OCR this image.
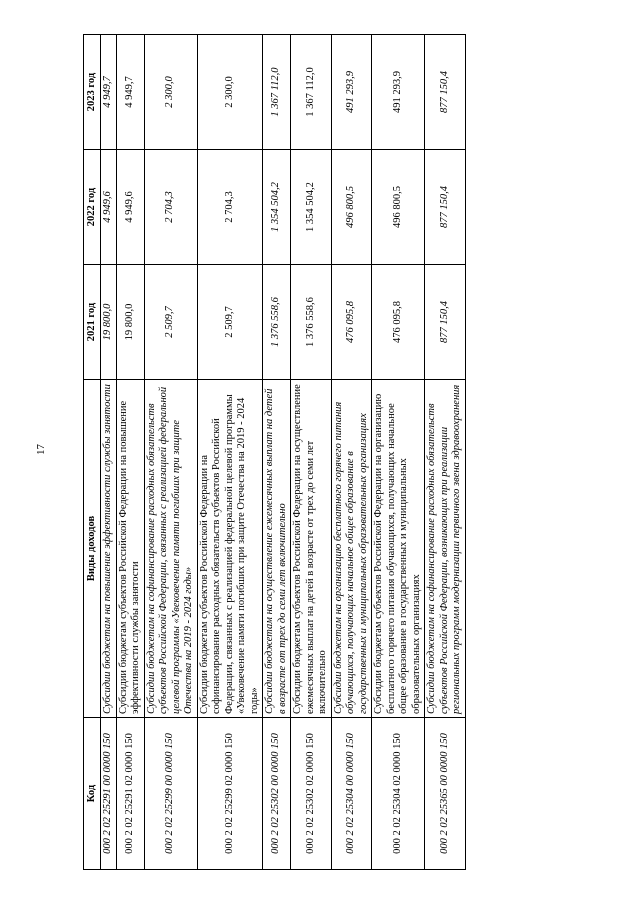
17
Код	Виды доходов	2021 год	2022 год	2023 год
000 2 02 25291 00 0000 150	Субсидии бюджетам на повышение эффективности службы занятости	19 800,0	4 949,6	4 949,7
000 2 02 25291 02 0000 150	Субсидии бюджетам субъектов Российской Федерации на повышение эффективности службы занятости	19 800,0	4 949,6	4 949,7
000 2 02 25299 00 0000 150	Субсидии бюджетам на софинансирование расходных обязательств субъектов Российской Федерации, связанных с реализацией федеральной целевой программы «Увековечение памяти погибших при защите Отечества на 2019 - 2024 годы»	2 509,7	2 704,3	2 300,0
000 2 02 25299 02 0000 150	Субсидии бюджетам субъектов Российской Федерации на софинансирование расходных обязательств субъектов Российской Федерации, связанных с реализацией федеральной целевой программы «Увековечение памяти погибших при защите Отечества на 2019 - 2024 годы»	2 509,7	2 704,3	2 300,0
000 2 02 25302 00 0000 150	Субсидии бюджетам на осуществление ежемесячных выплат на детей в возрасте от трех до семи лет включительно	1 376 558,6	1 354 504,2	1 367 112,0
000 2 02 25302 02 0000 150	Субсидии бюджетам субъектов Российской Федерации на осуществление ежемесячных выплат на детей в возрасте от трех до семи лет включительно	1 376 558,6	1 354 504,2	1 367 112,0
000 2 02 25304 00 0000 150	Субсидии бюджетам на организацию бесплатного горячего питания обучающихся, получающих начальное общее образование в государственных и муниципальных образовательных организациях	476 095,8	496 800,5	491 293,9
000 2 02 25304 02 0000 150	Субсидии бюджетам субъектов Российской Федерации на организацию бесплатного горячего питания обучающихся, получающих начальное общее образование в государственных и муниципальных образовательных организациях	476 095,8	496 800,5	491 293,9
000 2 02 25365 00 0000 150	Субсидии бюджетам на софинансирование расходных обязательств субъектов Российской Федерации, возникающих при реализации региональных программ модернизации первичного звена здравоохранения	877 150,4	877 150,4	877 150,4
